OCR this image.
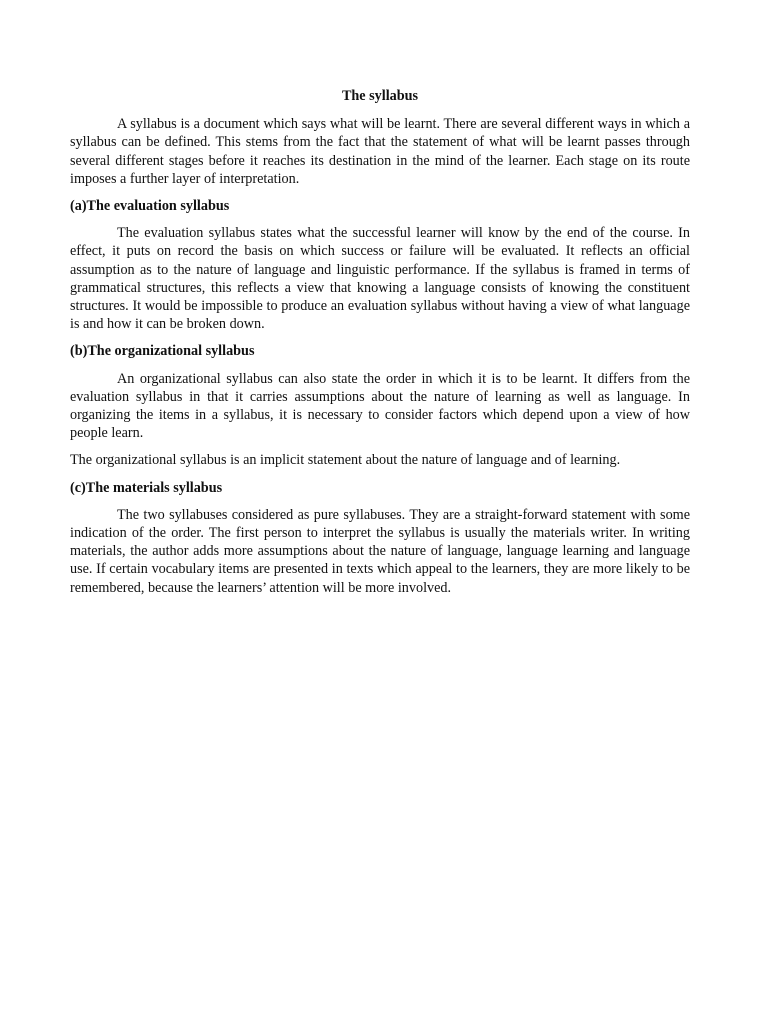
The syllabus

A syllabus is a document which says what will be learnt. There are several different ways in which a syllabus can be defined. This stems from the fact that the statement of what will be learnt passes through several different stages before it reaches its destination in the mind of the learner. Each stage on its route imposes a further layer of interpretation.

(a)The evaluation syllabus

The evaluation syllabus states what the successful learner will know by the end of the course. In effect, it puts on record the basis on which success or failure will be evaluated. It reflects an official assumption as to the nature of language and linguistic performance. If the syllabus is framed in terms of grammatical structures, this reflects a view that knowing a language consists of knowing the constituent structures. It would be impossible to produce an evaluation syllabus without having a view of what language is and how it can be broken down.

(b)The organizational syllabus

An organizational syllabus can also state the order in which it is to be learnt. It differs from the evaluation syllabus in that it carries assumptions about the nature of learning as well as language. In organizing the items in a syllabus, it is necessary to consider factors which depend upon a view of how people learn.

The organizational syllabus is an implicit statement about the nature of language and of learning.

(c)The materials syllabus

The two syllabuses considered as pure syllabuses. They are a straight-forward statement with some indication of the order. The first person to interpret the syllabus is usually the materials writer. In writing materials, the author adds more assumptions about the nature of language, language learning and language use. If certain vocabulary items are presented in texts which appeal to the learners, they are more likely to be remembered, because the learners’ attention will be more involved.
